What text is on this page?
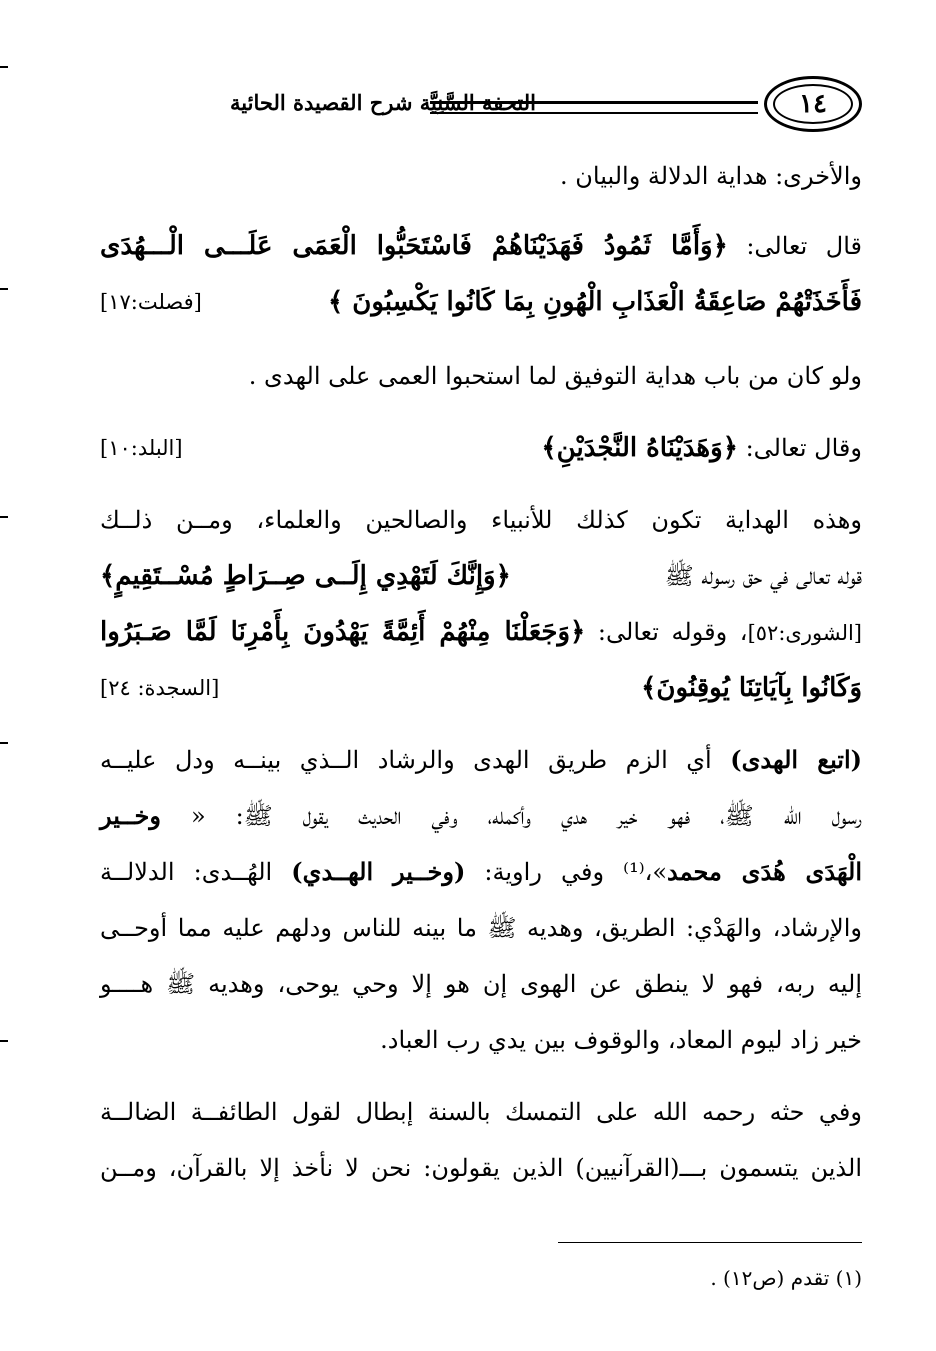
التحفة السَّنِيَّة شرح القصيدة الحائية	١٤
والأخرى: هداية الدلالة والبيان .
قال تعالى: ﴿وَأَمَّا ثَمُودُ فَهَدَيْنَاهُمْ فَاسْتَحَبُّوا الْعَمَى عَلَـــى الْـــهُدَى
فَأَخَذَتْهُمْ صَاعِقَةُ الْعَذَابِ الْهُونِ بِمَا كَانُوا يَكْسِبُونَ ﴾
[فصلت:١٧]
ولو كان من باب هداية التوفيق لما استحبوا العمى على الهدى .
وقال تعالى: ﴿وَهَدَيْنَاهُ النَّجْدَيْنِ﴾
[البلد:١٠]
وهذه الهداية تكون كذلك للأنبياء والصالحين والعلماء، ومــن ذلــك
قوله تعالى في حق رسوله ﷺ
﴿وَإِنَّكَ لَتَهْدِي إِلَــى صِــرَاطٍ مُسْــتَقِيمٍ﴾
[الشورى:٥٢]، وقوله تعالى: ﴿وَجَعَلْنَا مِنْهُمْ أَئِمَّةً يَهْدُونَ بِأَمْرِنَا لَمَّا صَـبَرُوا
وَكَانُوا بِآيَاتِنَا يُوقِنُونَ﴾
[السجدة: ٢٤]
(اتبع الهدى) أي الزم طريق الهدى والرشاد الــذي بينــه ودل عليــه
رسول الله ﷺ، فهو خير هدي وأكمله، وفي الحديث يقول ﷺ: « وخــير
الْهَدَى هُدَى محمد»،⁽¹⁾ وفي راوية: (وخــير الهــدي) الهُــدى: الدلالــة
والإرشاد، والهَدْي: الطريق، وهديه ﷺ ما بينه للناس ودلهم عليه مما أوحــى
إليه ربه، فهو لا ينطق عن الهوى إن هو إلا وحي يوحى، وهديه ﷺ هــــو
خير زاد ليوم المعاد، والوقوف بين يدي رب العباد.
وفي حثه رحمه الله على التمسك بالسنة إبطال لقول الطائفــة الضالــة
الذين يتسمون بـــ(القرآنيين) الذين يقولون: نحن لا نأخذ إلا بالقرآن، ومــن
(١) تقدم (ص١٢) .
